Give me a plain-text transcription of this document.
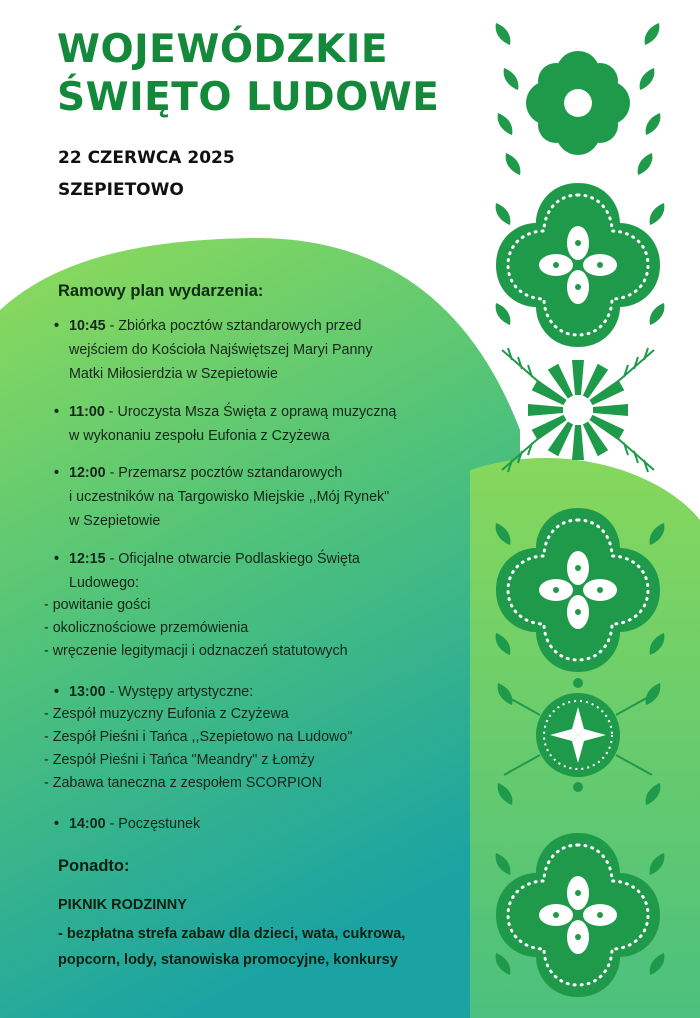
WOJEWÓDZKIE
ŚWIĘTO LUDOWE
22 CZERWCA 2025
SZEPIETOWO
Ramowy plan wydarzenia:
• 10:45 - Zbiórka pocztów sztandarowych przed
wejściem do Kościoła Najświętszej Maryi Panny
Matki Miłosierdzia w Szepietowie
• 11:00 - Uroczysta Msza Święta z oprawą muzyczną
w wykonaniu zespołu Eufonia z Czyżewa
• 12:00 - Przemarsz pocztów sztandarowych
i uczestników na Targowisko Miejskie ,,Mój Rynek"
w Szepietowie
• 12:15 - Oficjalne otwarcie Podlaskiego Święta
Ludowego:
- powitanie gości
- okolicznościowe przemówienia
- wręczenie legitymacji i odznaczeń statutowych
• 13:00 - Występy artystyczne:
- Zespół muzyczny Eufonia z Czyżewa
- Zespół Pieśni i Tańca ,,Szepietowo na Ludowo"
- Zespół Pieśni i Tańca "Meandry" z Łomży
- Zabawa taneczna z zespołem SCORPION
• 14:00 - Poczęstunek
Ponadto:
PIKNIK RODZINNY
- bezpłatna strefa zabaw dla dzieci, wata, cukrowa,
popcorn, lody, stanowiska promocyjne, konkursy
